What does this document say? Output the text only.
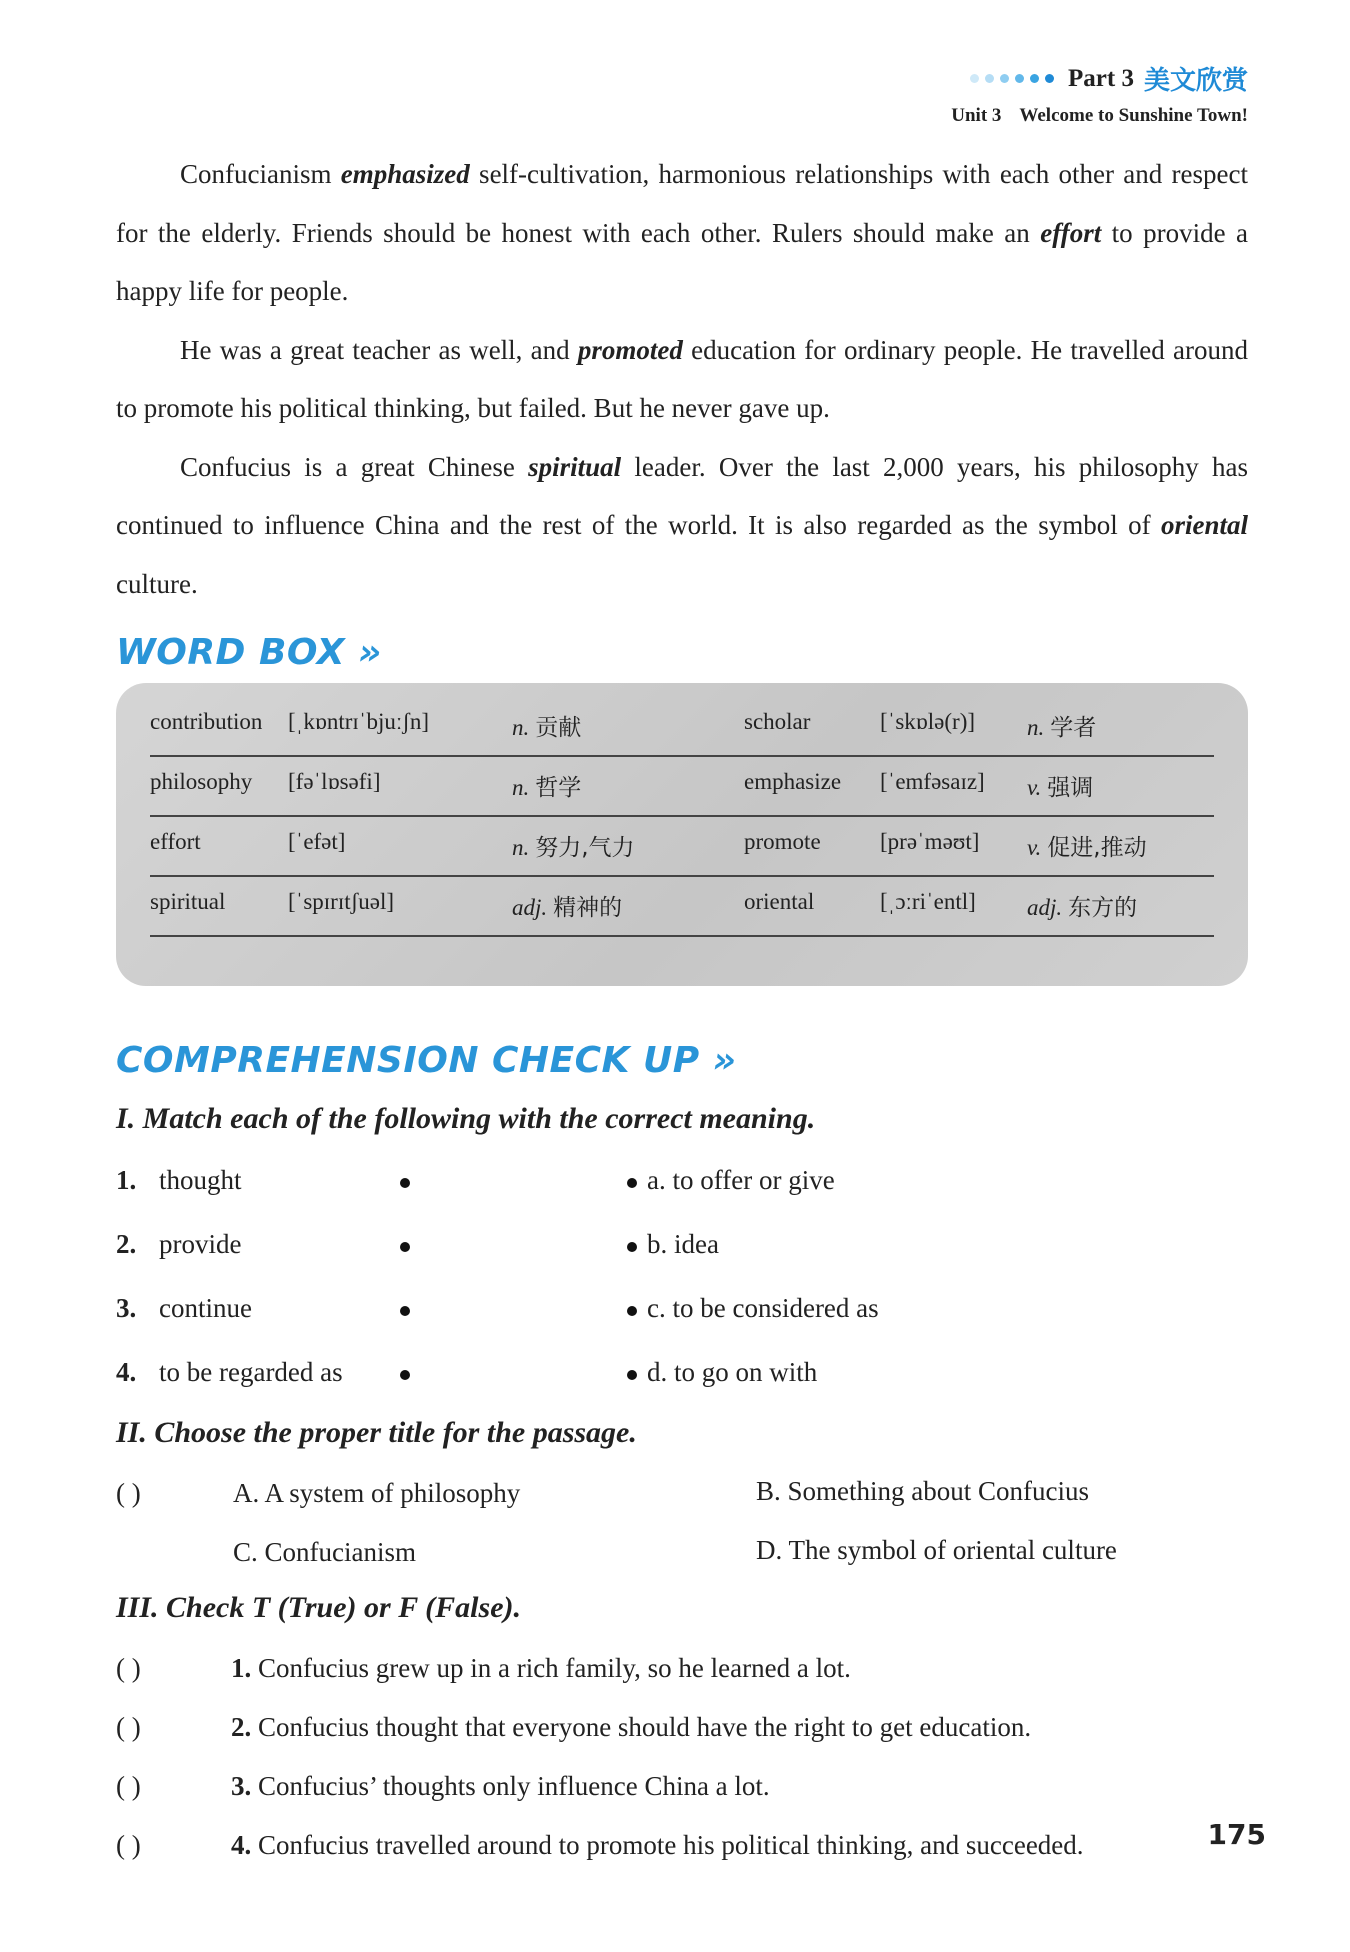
Part 3 美文欣赏
Unit 3 Welcome to Sunshine Town!

Confucianism emphasized self-cultivation, harmonious relationships with each other and respect for the elderly. Friends should be honest with each other. Rulers should make an effort to provide a happy life for people.

He was a great teacher as well, and promoted education for ordinary people. He travelled around to promote his political thinking, but failed. But he never gave up.

Confucius is a great Chinese spiritual leader. Over the last 2,000 years, his philosophy has continued to influence China and the rest of the world. It is also regarded as the symbol of oriental culture.

WORD BOX »
contribution [ˌkɒntrɪˈbjuːʃn]	n. 贡献	scholar	[ˈskɒlə(r)] n. 学者
philosophy [fəˈlɒsəfi]	n. 哲学	emphasize [ˈemfəsaɪz] v. 强调
effort	[ˈefət]	n. 努力,气力	promote	[prəˈməʊt] v. 促进,推动
spiritual	[ˈspɪrɪtʃuəl]	adj. 精神的	oriental	[ˌɔːriˈentl] adj. 东方的
COMPREHENSION CHECK UP »
I. Match each of the following with the correct meaning.
1. thought	a. to offer or give
2. provide	b. idea
3. continue	c. to be considered as
4. to be regarded as	d. to go on with
II. Choose the proper title for the passage.
( )	A. A system of philosophy	B. Something about Confucius
C. Confucianism	D. The symbol of oriental culture
III. Check T (True) or F (False).
( )	1. Confucius grew up in a rich family, so he learned a lot.
( )	2. Confucius thought that everyone should have the right to get education.
( )	3. Confucius’ thoughts only influence China a lot.
( )	4. Confucius travelled around to promote his political thinking, and succeeded.	175
